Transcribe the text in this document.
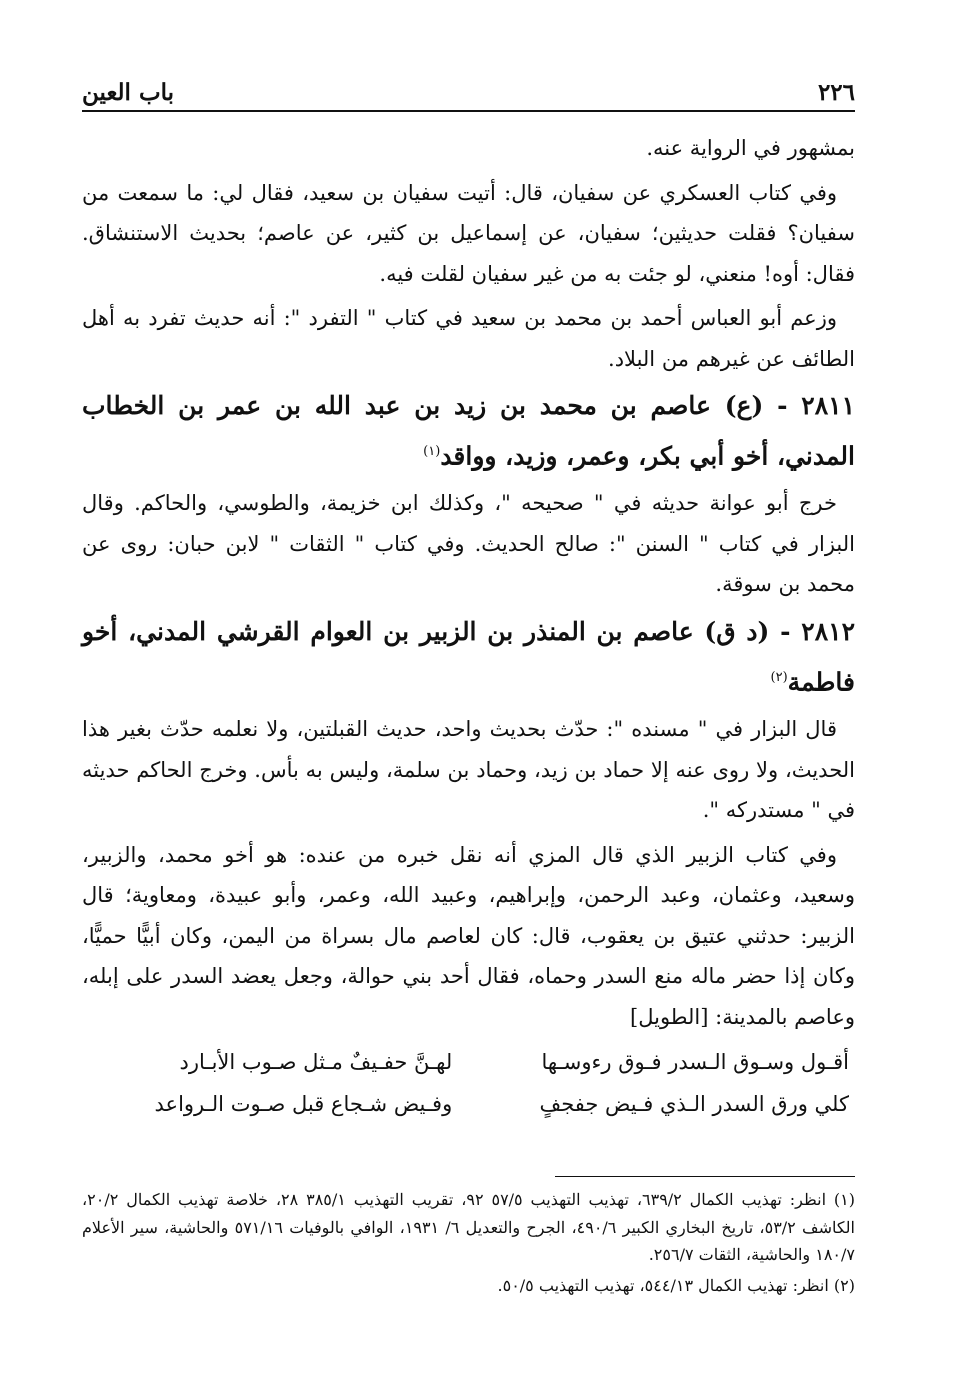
٢٢٦
باب العين

بمشهور في الرواية عنه.

وفي كتاب العسكري عن سفيان، قال: أتيت سفيان بن سعيد، فقال لي: ما سمعت من سفيان؟ فقلت حديثين؛ سفيان، عن إسماعيل بن كثير، عن عاصم؛ بحديث الاستنشاق. فقال: أوه! منعني، لو جئت به من غير سفيان لقلت فيه.

وزعم أبو العباس أحمد بن محمد بن سعيد في كتاب " التفرد ": أنه حديث تفرد به أهل الطائف عن غيرهم من البلاد.

٢٨١١ - (ع) عاصم بن محمد بن زيد بن عبد الله بن عمر بن الخطاب المدني، أخو أبي بكر، وعمر، وزيد، وواقد$^{(١)}$

خرج أبو عوانة حديثه في " صحيحه "، وكذلك ابن خزيمة، والطوسي، والحاكم. وقال البزار في كتاب " السنن ": صالح الحديث. وفي كتاب " الثقات " لابن حبان: روى عن محمد بن سوقة.

٢٨١٢ - (د ق) عاصم بن المنذر بن الزبير بن العوام القرشي المدني، أخو فاطمة$^{(٢)}$

قال البزار في " مسنده ": حدّث بحديث واحد، حديث القبلتين، ولا نعلمه حدّث بغير هذا الحديث، ولا روى عنه إلا حماد بن زيد، وحماد بن سلمة، وليس به بأس. وخرج الحاكم حديثه في " مستدركه ".

وفي كتاب الزبير الذي قال المزي أنه نقل خبره من عنده: هو أخو محمد، والزبير، وسعيد، وعثمان، وعبد الرحمن، وإبراهيم، وعبيد الله، وعمر، وأبو عبيدة، ومعاوية؛ قال الزبير: حدثني عتيق بن يعقوب، قال: كان لعاصم مال بسراة من اليمن، وكان أبيًّا حميًّا، وكان إذا حضر ماله منع السدر وحماه، فقال أحد بني حوالة، وجعل يعضد السدر على إبله، وعاصم بالمدينة: [الطويل]

أقـول وسـوق الـسدر فـوق رءوسـها
لهـنَّ حفـيفٌ مـثل صـوب الأبـارد
كلي ورق السدر الـذي فـيض جفجفٍ
وفـيض شـجاع قبل صـوت الـرواعد

(١) انظر: تهذيب الكمال ٦٣٩/٢، تهذيب التهذيب ٥٧/٥ ٩٢، تقريب التهذيب ٣٨٥/١ ٢٨، خلاصة تهذيب الكمال ٢٠/٢، الكاشف ٥٣/٢، تاريخ البخاري الكبير ٤٩٠/٦، الجرح والتعديل ٦/ ١٩٣١، الوافي بالوفيات ٥٧١/١٦ والحاشية، سير الأعلام ١٨٠/٧ والحاشية، الثقات ٢٥٦/٧.

(٢) انظر: تهذيب الكمال ٥٤٤/١٣، تهذيب التهذيب ٥٠/٥.
